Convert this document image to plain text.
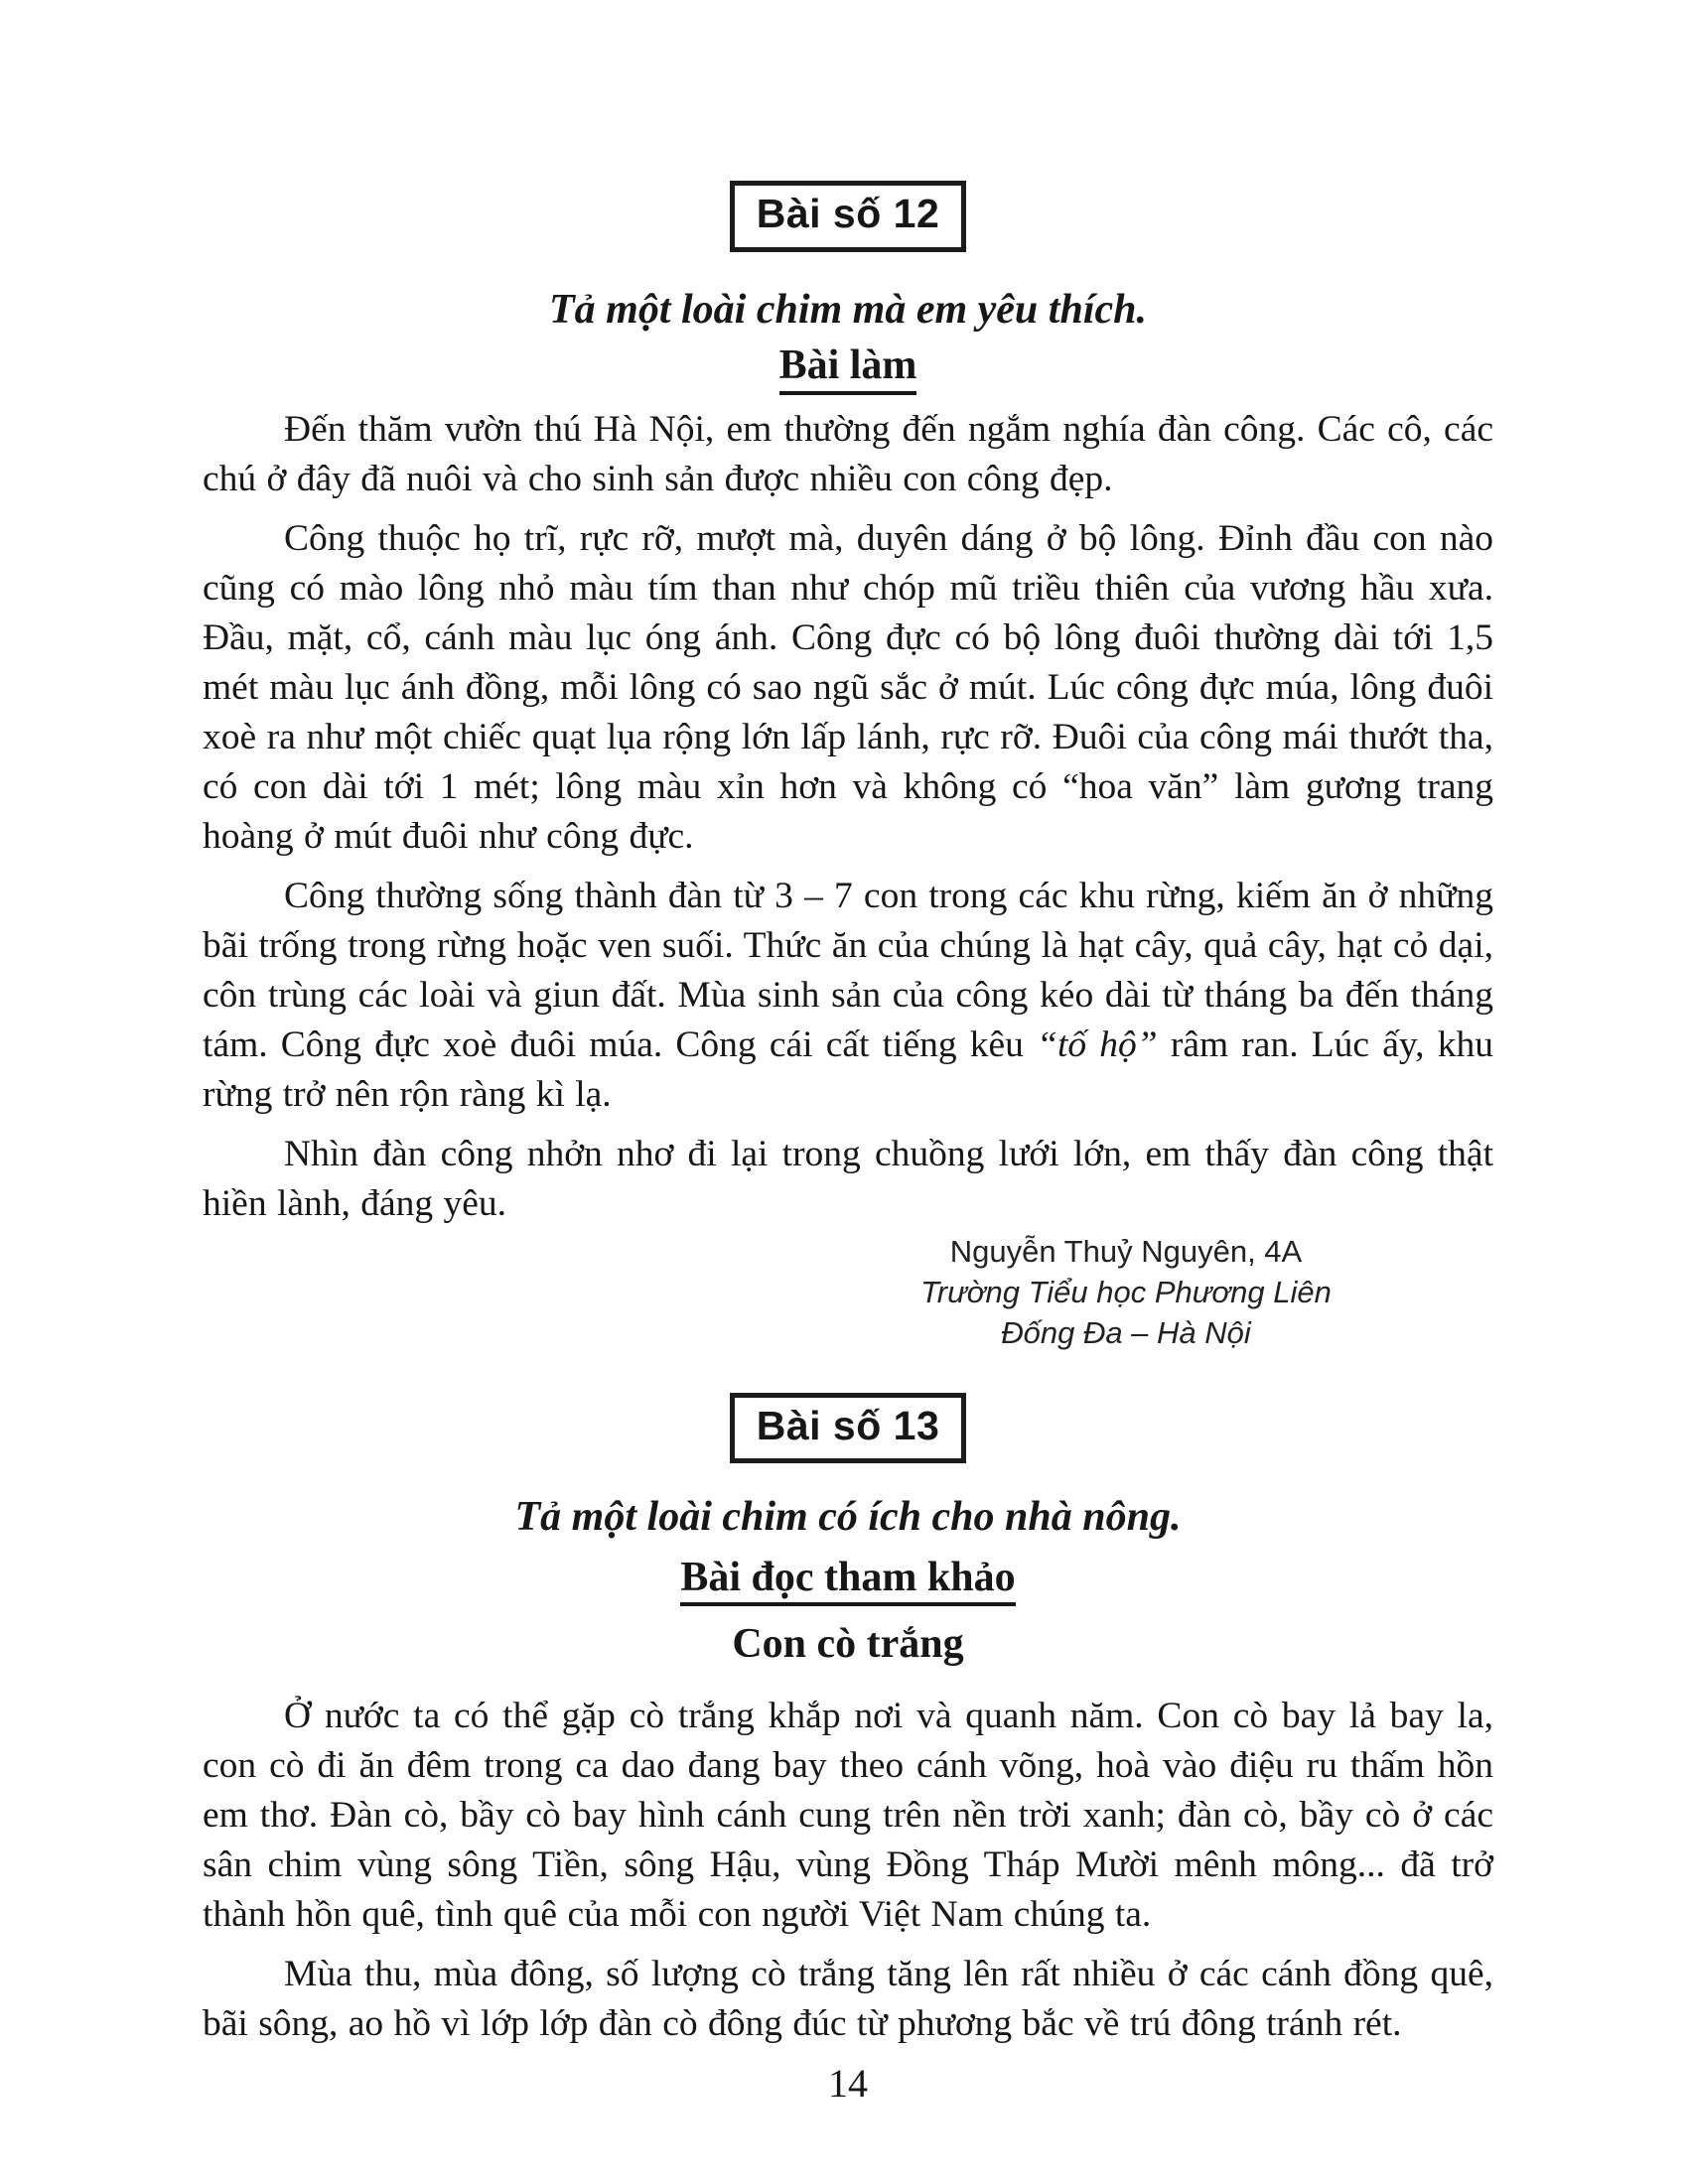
Bài số 12
Tả một loài chim mà em yêu thích.
Bài làm

Đến thăm vườn thú Hà Nội, em thường đến ngắm nghía đàn công. Các cô, các chú ở đây đã nuôi và cho sinh sản được nhiều con công đẹp.

Công thuộc họ trĩ, rực rỡ, mượt mà, duyên dáng ở bộ lông. Đỉnh đầu con nào cũng có mào lông nhỏ màu tím than như chóp mũ triều thiên của vương hầu xưa. Đầu, mặt, cổ, cánh màu lục óng ánh. Công đực có bộ lông đuôi thường dài tới 1,5 mét màu lục ánh đồng, mỗi lông có sao ngũ sắc ở mút. Lúc công đực múa, lông đuôi xoè ra như một chiếc quạt lụa rộng lớn lấp lánh, rực rỡ. Đuôi của công mái thướt tha, có con dài tới 1 mét; lông màu xỉn hơn và không có “hoa văn” làm gương trang hoàng ở mút đuôi như công đực.

Công thường sống thành đàn từ 3 – 7 con trong các khu rừng, kiếm ăn ở những bãi trống trong rừng hoặc ven suối. Thức ăn của chúng là hạt cây, quả cây, hạt cỏ dại, côn trùng các loài và giun đất. Mùa sinh sản của công kéo dài từ tháng ba đến tháng tám. Công đực xoè đuôi múa. Công cái cất tiếng kêu “tố hộ” râm ran. Lúc ấy, khu rừng trở nên rộn ràng kì lạ.

Nhìn đàn công nhởn nhơ đi lại trong chuồng lưới lớn, em thấy đàn công thật hiền lành, đáng yêu.

Nguyễn Thuỷ Nguyên, 4A
Trường Tiểu học Phương Liên
Đống Đa – Hà Nội
Bài số 13
Tả một loài chim có ích cho nhà nông.
Bài đọc tham khảo
Con cò trắng

Ở nước ta có thể gặp cò trắng khắp nơi và quanh năm. Con cò bay lả bay la, con cò đi ăn đêm trong ca dao đang bay theo cánh võng, hoà vào điệu ru thấm hồn em thơ. Đàn cò, bầy cò bay hình cánh cung trên nền trời xanh; đàn cò, bầy cò ở các sân chim vùng sông Tiền, sông Hậu, vùng Đồng Tháp Mười mênh mông... đã trở thành hồn quê, tình quê của mỗi con người Việt Nam chúng ta.

Mùa thu, mùa đông, số lượng cò trắng tăng lên rất nhiều ở các cánh đồng quê, bãi sông, ao hồ vì lớp lớp đàn cò đông đúc từ phương bắc về trú đông tránh rét.

14
